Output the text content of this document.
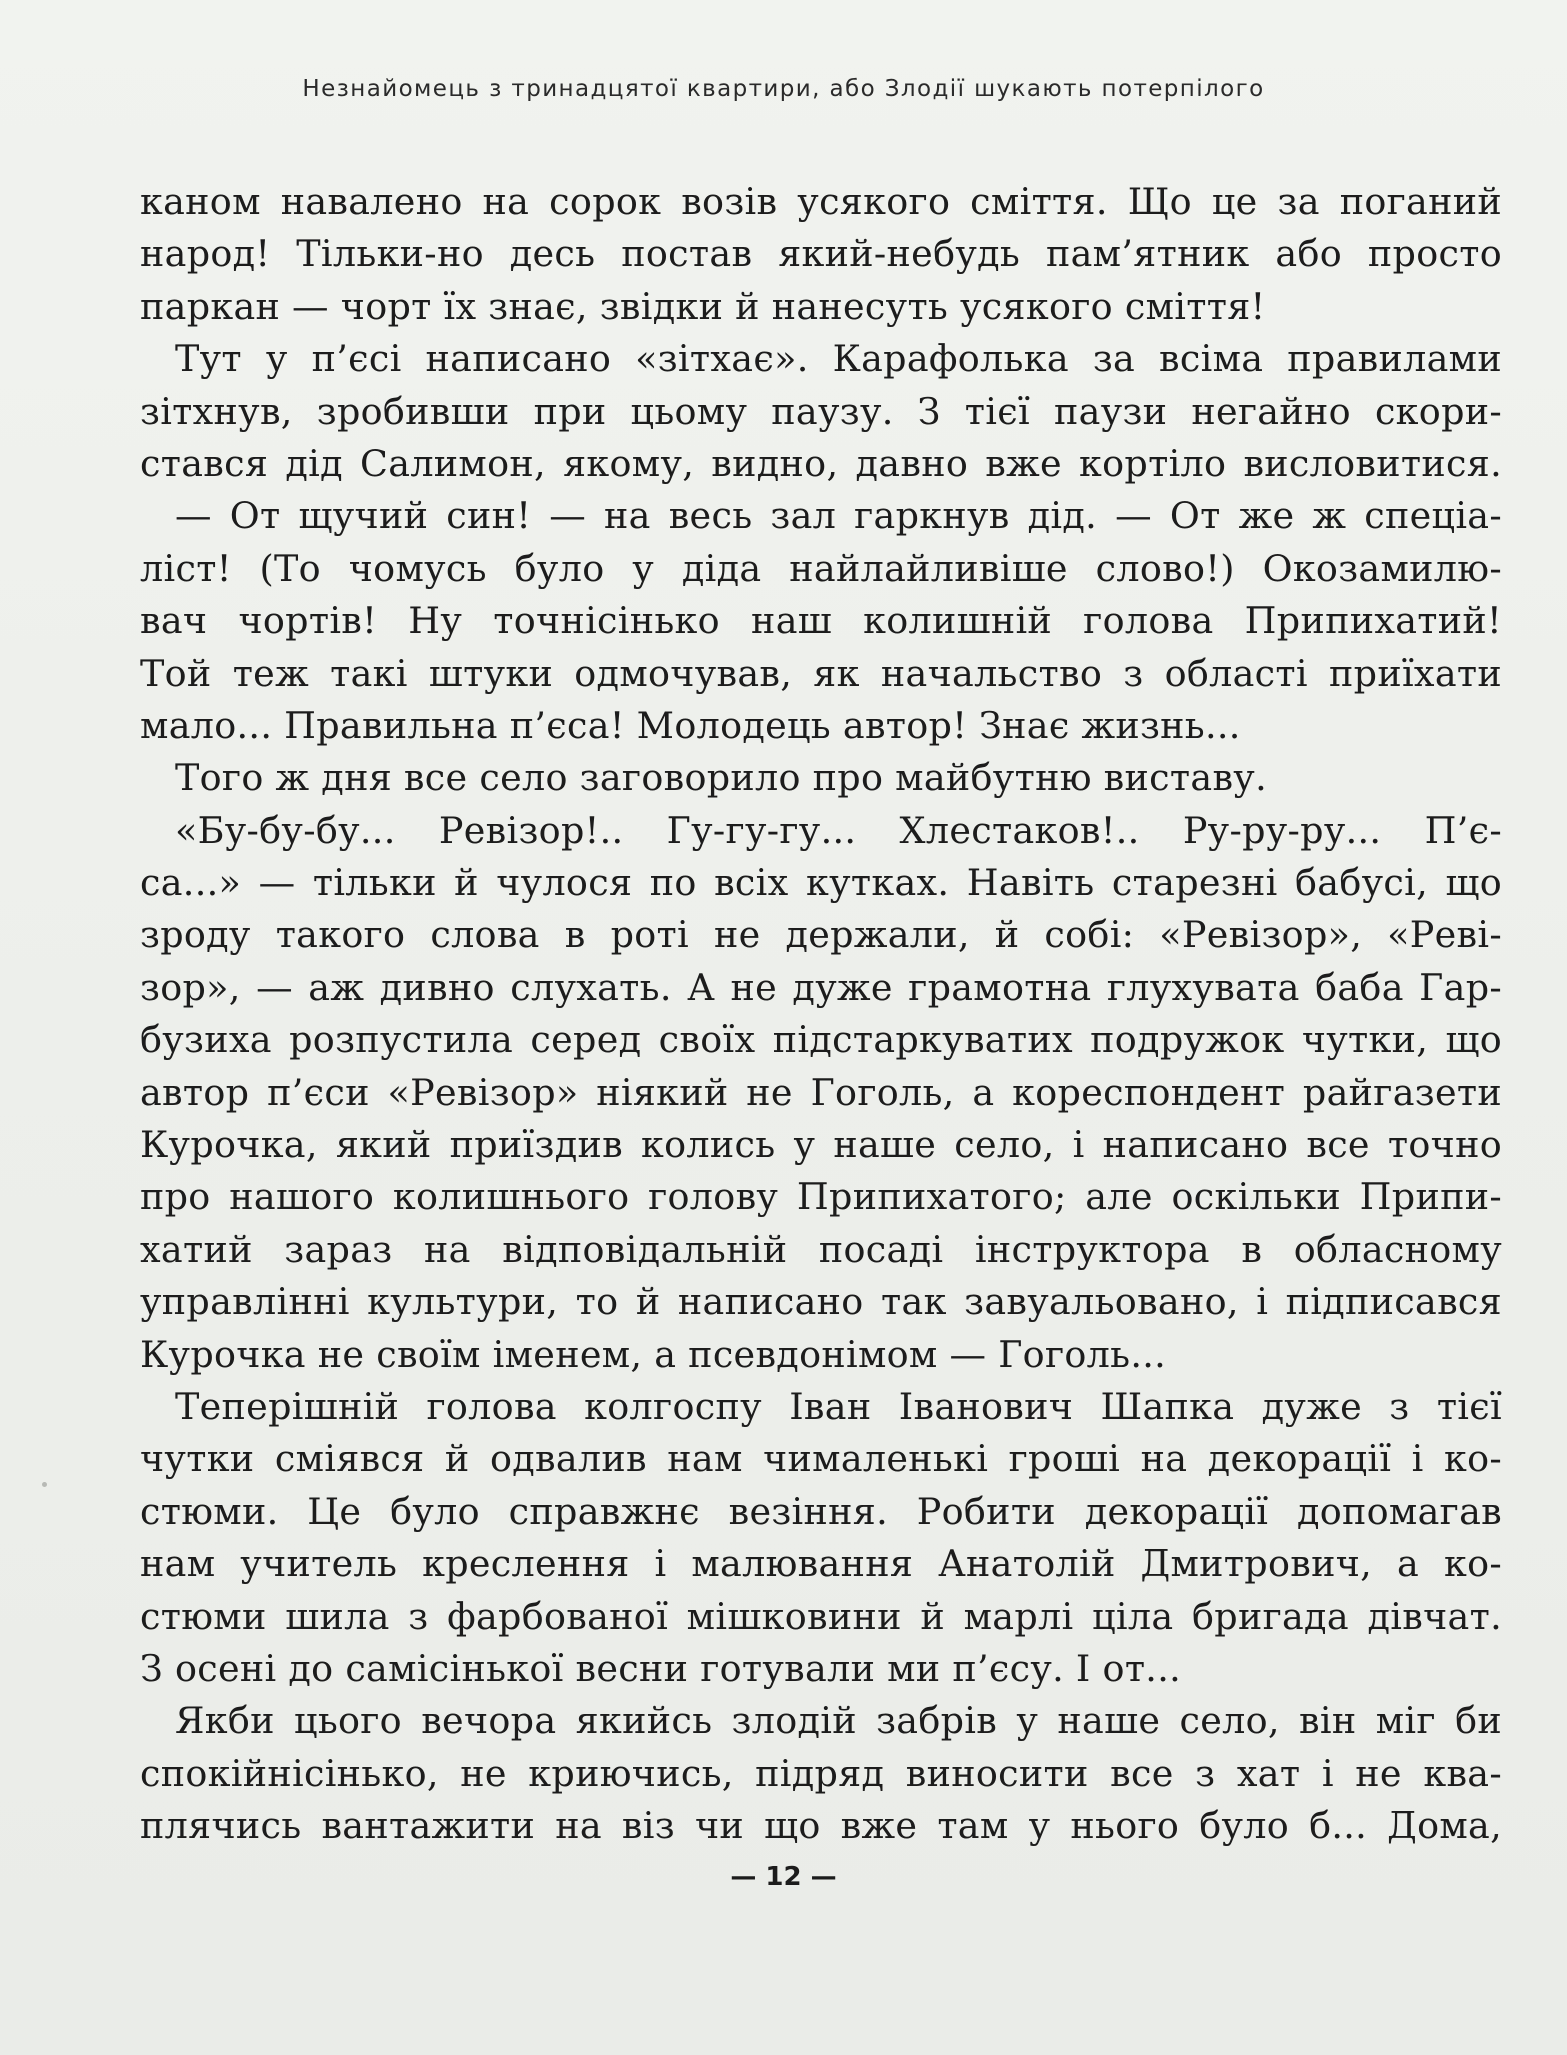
Незнайомець з тринадцятої квартири, або Злодії шукають потерпілого
каном навалено на сорок возів усякого сміття. Що це за поганий
народ! Тільки-но десь постав який-небудь пам’ятник або просто
паркан — чорт їх знає, звідки й нанесуть усякого сміття!
Тут у п’єсі написано «зітхає». Карафолька за всіма правилами
зітхнув, зробивши при цьому паузу. З тієї паузи негайно скори-
стався дід Салимон, якому, видно, давно вже кортіло висловитися.
— От щучий син! — на весь зал гаркнув дід. — От же ж спеціа-
ліст! (То чомусь було у діда найлайливіше слово!) Окозамилю-
вач чортів! Ну точнісінько наш колишній голова Припихатий!
Той теж такі штуки одмочував, як начальство з області приїхати
мало... Правильна п’єса! Молодець автор! Знає жизнь...
Того ж дня все село заговорило про майбутню виставу.
«Бу-бу-бу... Ревізор!.. Гу-гу-гу... Хлестаков!.. Ру-ру-ру... П’є-
са...» — тільки й чулося по всіх кутках. Навіть старезні бабусі, що
зроду такого слова в роті не держали, й собі: «Ревізор», «Реві-
зор», — аж дивно слухать. А не дуже грамотна глухувата баба Гар-
бузиха розпустила серед своїх підстаркуватих подружок чутки, що
автор п’єси «Ревізор» ніякий не Гоголь, а кореспондент райгазети
Курочка, який приїздив колись у наше село, і написано все точно
про нашого колишнього голову Припихатого; але оскільки Припи-
хатий зараз на відповідальній посаді інструктора в обласному
управлінні культури, то й написано так завуальовано, і підписався
Курочка не своїм іменем, а псевдонімом — Гоголь...
Теперішній голова колгоспу Іван Іванович Шапка дуже з тієї
чутки сміявся й одвалив нам чималенькі гроші на декорації і ко-
стюми. Це було справжнє везіння. Робити декорації допомагав
нам учитель креслення і малювання Анатолій Дмитрович, а ко-
стюми шила з фарбованої мішковини й марлі ціла бригада дівчат.
З осені до самісінької весни готували ми п’єсу. І от...
Якби цього вечора якийсь злодій забрів у наше село, він міг би
спокійнісінько, не криючись, підряд виносити все з хат і не ква-
плячись вантажити на віз чи що вже там у нього було б... Дома,
— 12 —
